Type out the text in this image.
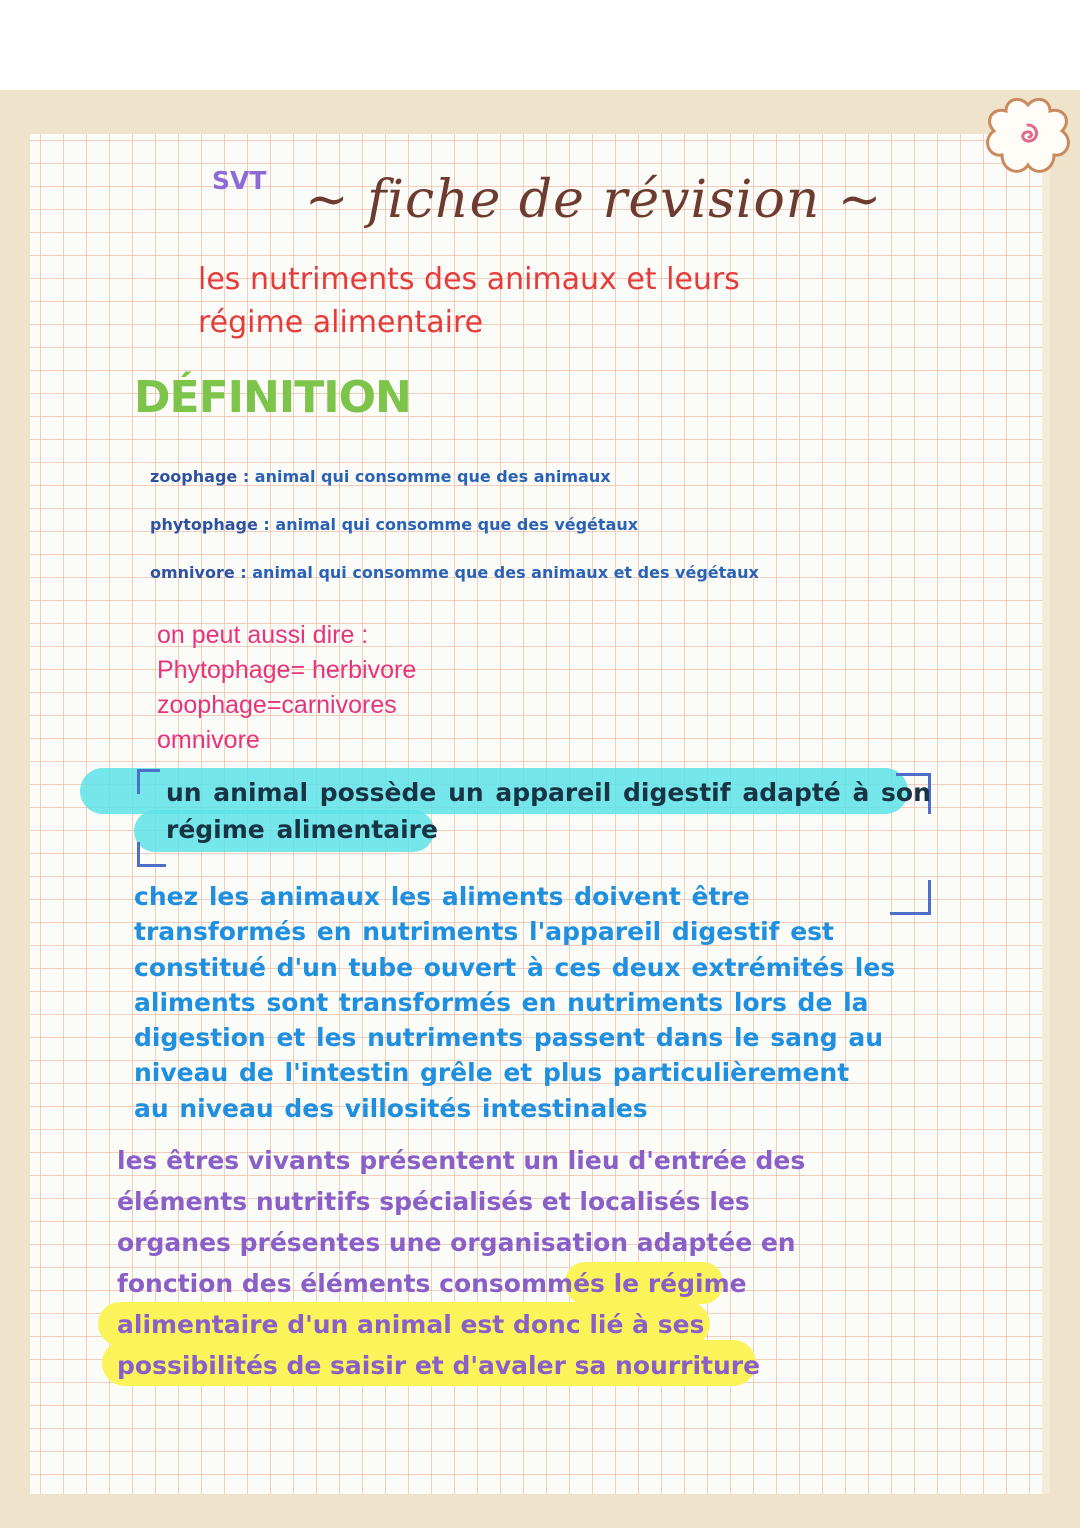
SVT ~ fiche de révision ~

les nutriments des animaux et leurs
régime alimentaire

DÉFINITION

zoophage : animal qui consomme que des animaux

phytophage : animal qui consomme que des végétaux

omnivore : animal qui consomme que des animaux et des végétaux

on peut aussi dire :
Phytophage= herbivore
zoophage=carnivores
omnivore

un animal possède un appareil digestif adapté à son
régime alimentaire

chez les animaux les aliments doivent être
transformés en nutriments l'appareil digestif est
constitué d'un tube ouvert à ces deux extrémités les
aliments sont transformés en nutriments lors de la
digestion et les nutriments passent dans le sang au
niveau de l'intestin grêle et plus particulièrement
au niveau des villosités intestinales

les êtres vivants présentent un lieu d'entrée des
éléments nutritifs spécialisés et localisés les
organes présentes une organisation adaptée en
fonction des éléments consommés le régime
alimentaire d'un animal est donc lié à ses
possibilités de saisir et d'avaler sa nourriture
